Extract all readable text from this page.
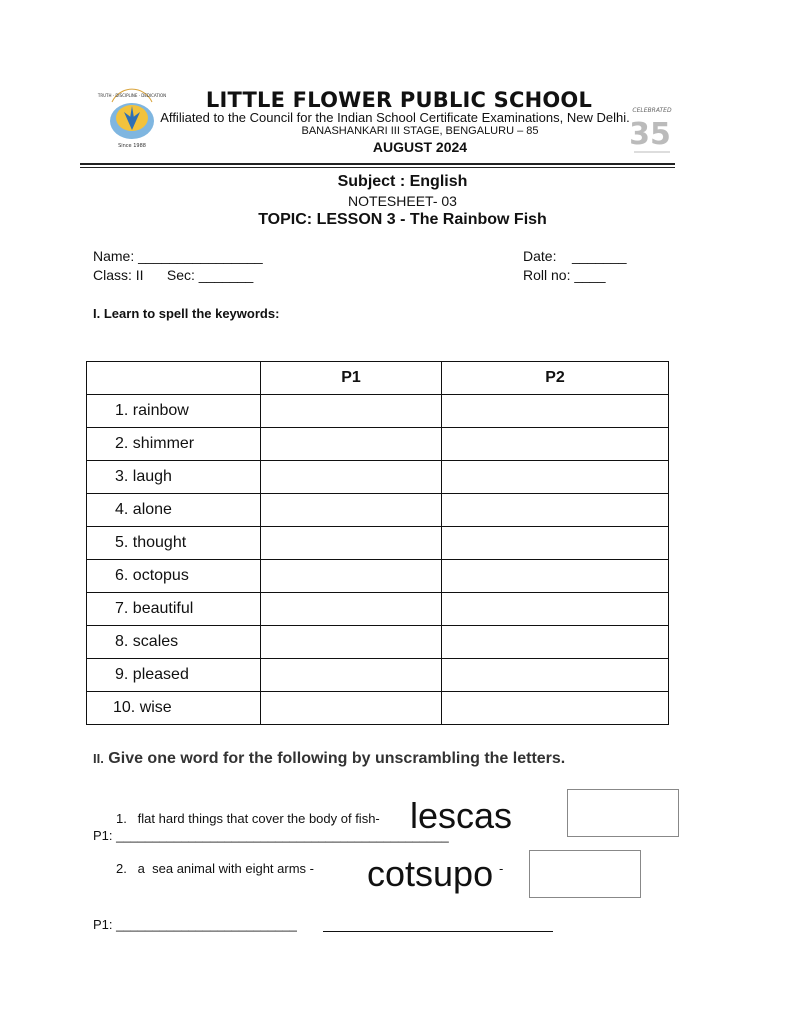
TRUTH · DISCIPLINE · DEDICATION
Since 1988
CELEBRATED
35
LITTLE FLOWER PUBLIC SCHOOL
Affiliated to the Council for the Indian School Certificate Examinations, New Delhi.
BANASHANKARI III STAGE, BENGALURU – 85
AUGUST 2024
Subject : English
NOTESHEET- 03
TOPIC: LESSON 3 - The Rainbow Fish
Name: ________________	Date:    _______
Class: II      Sec: _______	Roll no: ____
I. Learn to spell the keywords:
	P1	P2
1. rainbow		
2. shimmer		
3. laugh		
4. alone		
5. thought		
6. octopus		
7. beautiful		
8. scales		
9. pleased		
10. wise		
II. Give one word for the following by unscrambling the letters.
1.   flat hard things that cover the body of fish- lescas
P1: ______________________________________________
2.   a  sea animal with eight arms - cotsupo -
P1: _________________________
